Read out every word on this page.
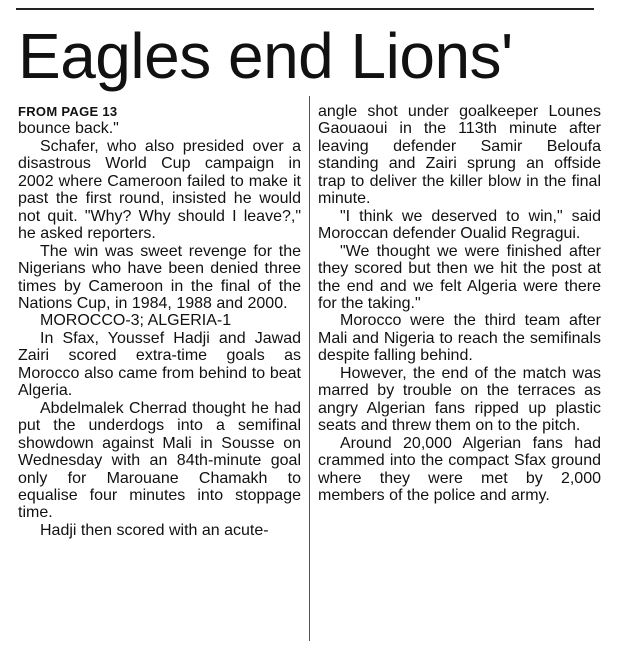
Eagles end Lions'
FROM PAGE 13

bounce back."

Schafer, who also presided over a disastrous World Cup campaign in 2002 where Cameroon failed to make it past the first round, insisted he would not quit. "Why? Why should I leave?," he asked reporters.

The win was sweet revenge for the Nigerians who have been denied three times by Cameroon in the final of the Nations Cup, in 1984, 1988 and 2000.

MOROCCO-3; ALGERIA-1

In Sfax, Youssef Hadji and Jawad Zairi scored extra-time goals as Morocco also came from behind to beat Algeria.

Abdelmalek Cherrad thought he had put the underdogs into a semifinal showdown against Mali in Sousse on Wednesday with an 84th-minute goal only for Marouane Chamakh to equalise four minutes into stoppage time.

Hadji then scored with an acute-

angle shot under goalkeeper Lounes Gaouaoui in the 113th minute after leaving defender Samir Beloufa standing and Zairi sprung an offside trap to deliver the killer blow in the final minute.

"I think we deserved to win," said Moroccan defender Oualid Regragui.

"We thought we were finished after they scored but then we hit the post at the end and we felt Algeria were there for the taking."

Morocco were the third team after Mali and Nigeria to reach the semifinals despite falling behind.

However, the end of the match was marred by trouble on the terraces as angry Algerian fans ripped up plastic seats and threw them on to the pitch.

Around 20,000 Algerian fans had crammed into the compact Sfax ground where they were met by 2,000 members of the police and army.
